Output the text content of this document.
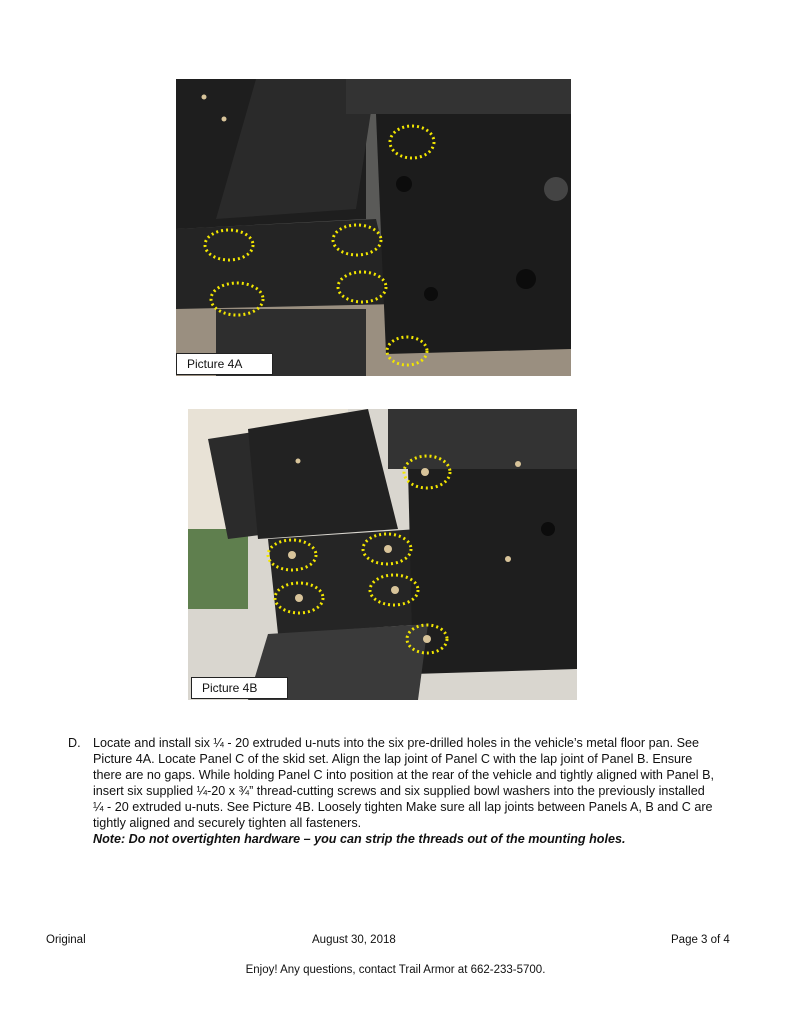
Picture 4A
Picture 4B
D. Locate and install six ¼ - 20 extruded u-nuts into the six pre-drilled holes in the vehicle’s metal floor pan. See Picture 4A. Locate Panel C of the skid set. Align the lap joint of Panel C with the lap joint of Panel B. Ensure there are no gaps. While holding Panel C into position at the rear of the vehicle and tightly aligned with Panel B, insert six supplied ¼-20 x ¾” thread-cutting screws and six supplied bowl washers into the previously installed ¼ - 20 extruded u-nuts. See Picture 4B. Loosely tighten Make sure all lap joints between Panels A, B and C are tightly aligned and securely tighten all fasteners.
Note: Do not overtighten hardware – you can strip the threads out of the mounting holes.
Original	August 30, 2018	Page 3 of 4
Enjoy! Any questions, contact Trail Armor at 662-233-5700.
